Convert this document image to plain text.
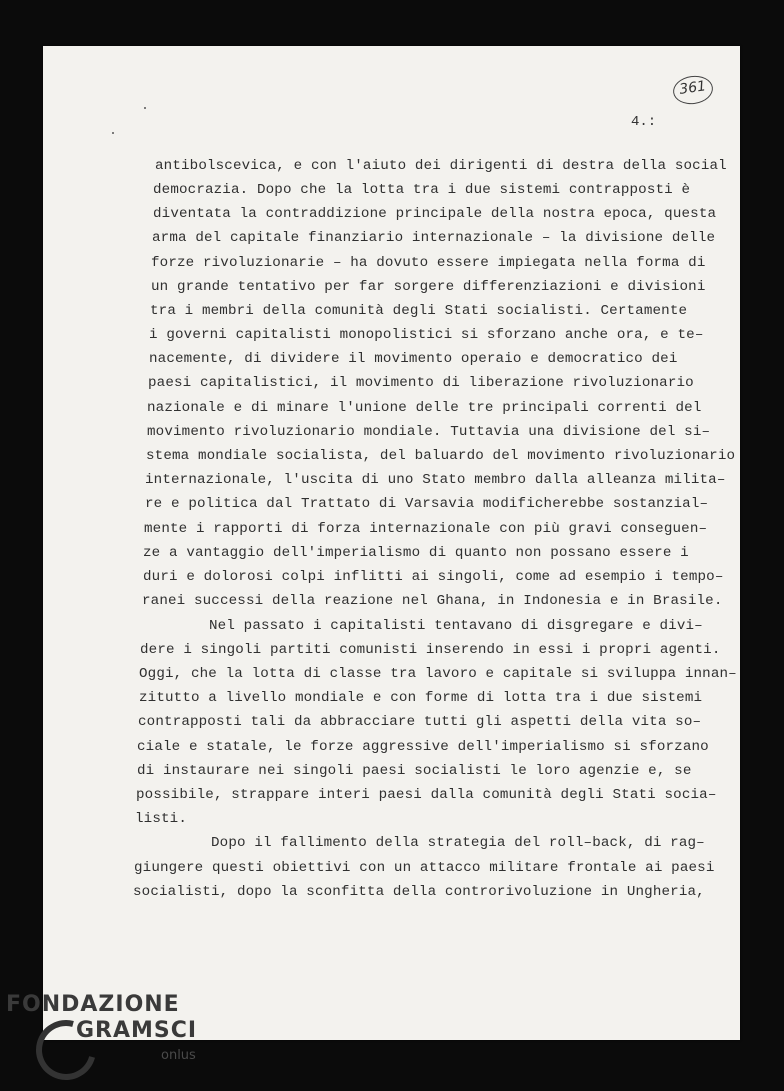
361
4.:
antibolscevica, e con l'aiuto dei dirigenti di destra della social
democrazia. Dopo che la lotta tra i due sistemi contrapposti è
diventata la contraddizione principale della nostra epoca, questa
arma del capitale finanziario internazionale – la divisione delle
forze rivoluzionarie – ha dovuto essere impiegata nella forma di
un grande tentativo per far sorgere differenziazioni e divisioni
tra i membri della comunità degli Stati socialisti. Certamente
i governi capitalisti monopolistici si sforzano anche ora, e te–
nacemente, di dividere il movimento operaio e democratico dei
paesi capitalistici, il movimento di liberazione rivoluzionario
nazionale e di minare l'unione delle tre principali correnti del
movimento rivoluzionario mondiale. Tuttavia una divisione del si–
stema mondiale socialista, del baluardo del movimento rivoluzionario
internazionale, l'uscita di uno Stato membro dalla alleanza milita–
re e politica dal Trattato di Varsavia modificherebbe sostanzial–
mente i rapporti di forza internazionale con più gravi conseguen–
ze a vantaggio dell'imperialismo di quanto non possano essere i
duri e dolorosi colpi inflitti ai singoli, come ad esempio i tempo–
ranei successi della reazione nel Ghana, in Indonesia e in Brasile.
Nel passato i capitalisti tentavano di disgregare e divi–
dere i singoli partiti comunisti inserendo in essi i propri agenti.
Oggi, che la lotta di classe tra lavoro e capitale si sviluppa innan–
zitutto a livello mondiale e con forme di lotta tra i due sistemi
contrapposti tali da abbracciare tutti gli aspetti della vita so–
ciale e statale, le forze aggressive dell'imperialismo si sforzano
di instaurare nei singoli paesi socialisti le loro agenzie e, se
possibile, strappare interi paesi dalla comunità degli Stati socia–
listi.
Dopo il fallimento della strategia del roll–back, di rag–
giungere questi obiettivi con un attacco militare frontale ai paesi
socialisti, dopo la sconfitta della controrivoluzione in Ungheria,
FONDAZIONE
GRAMSCI
onlus
